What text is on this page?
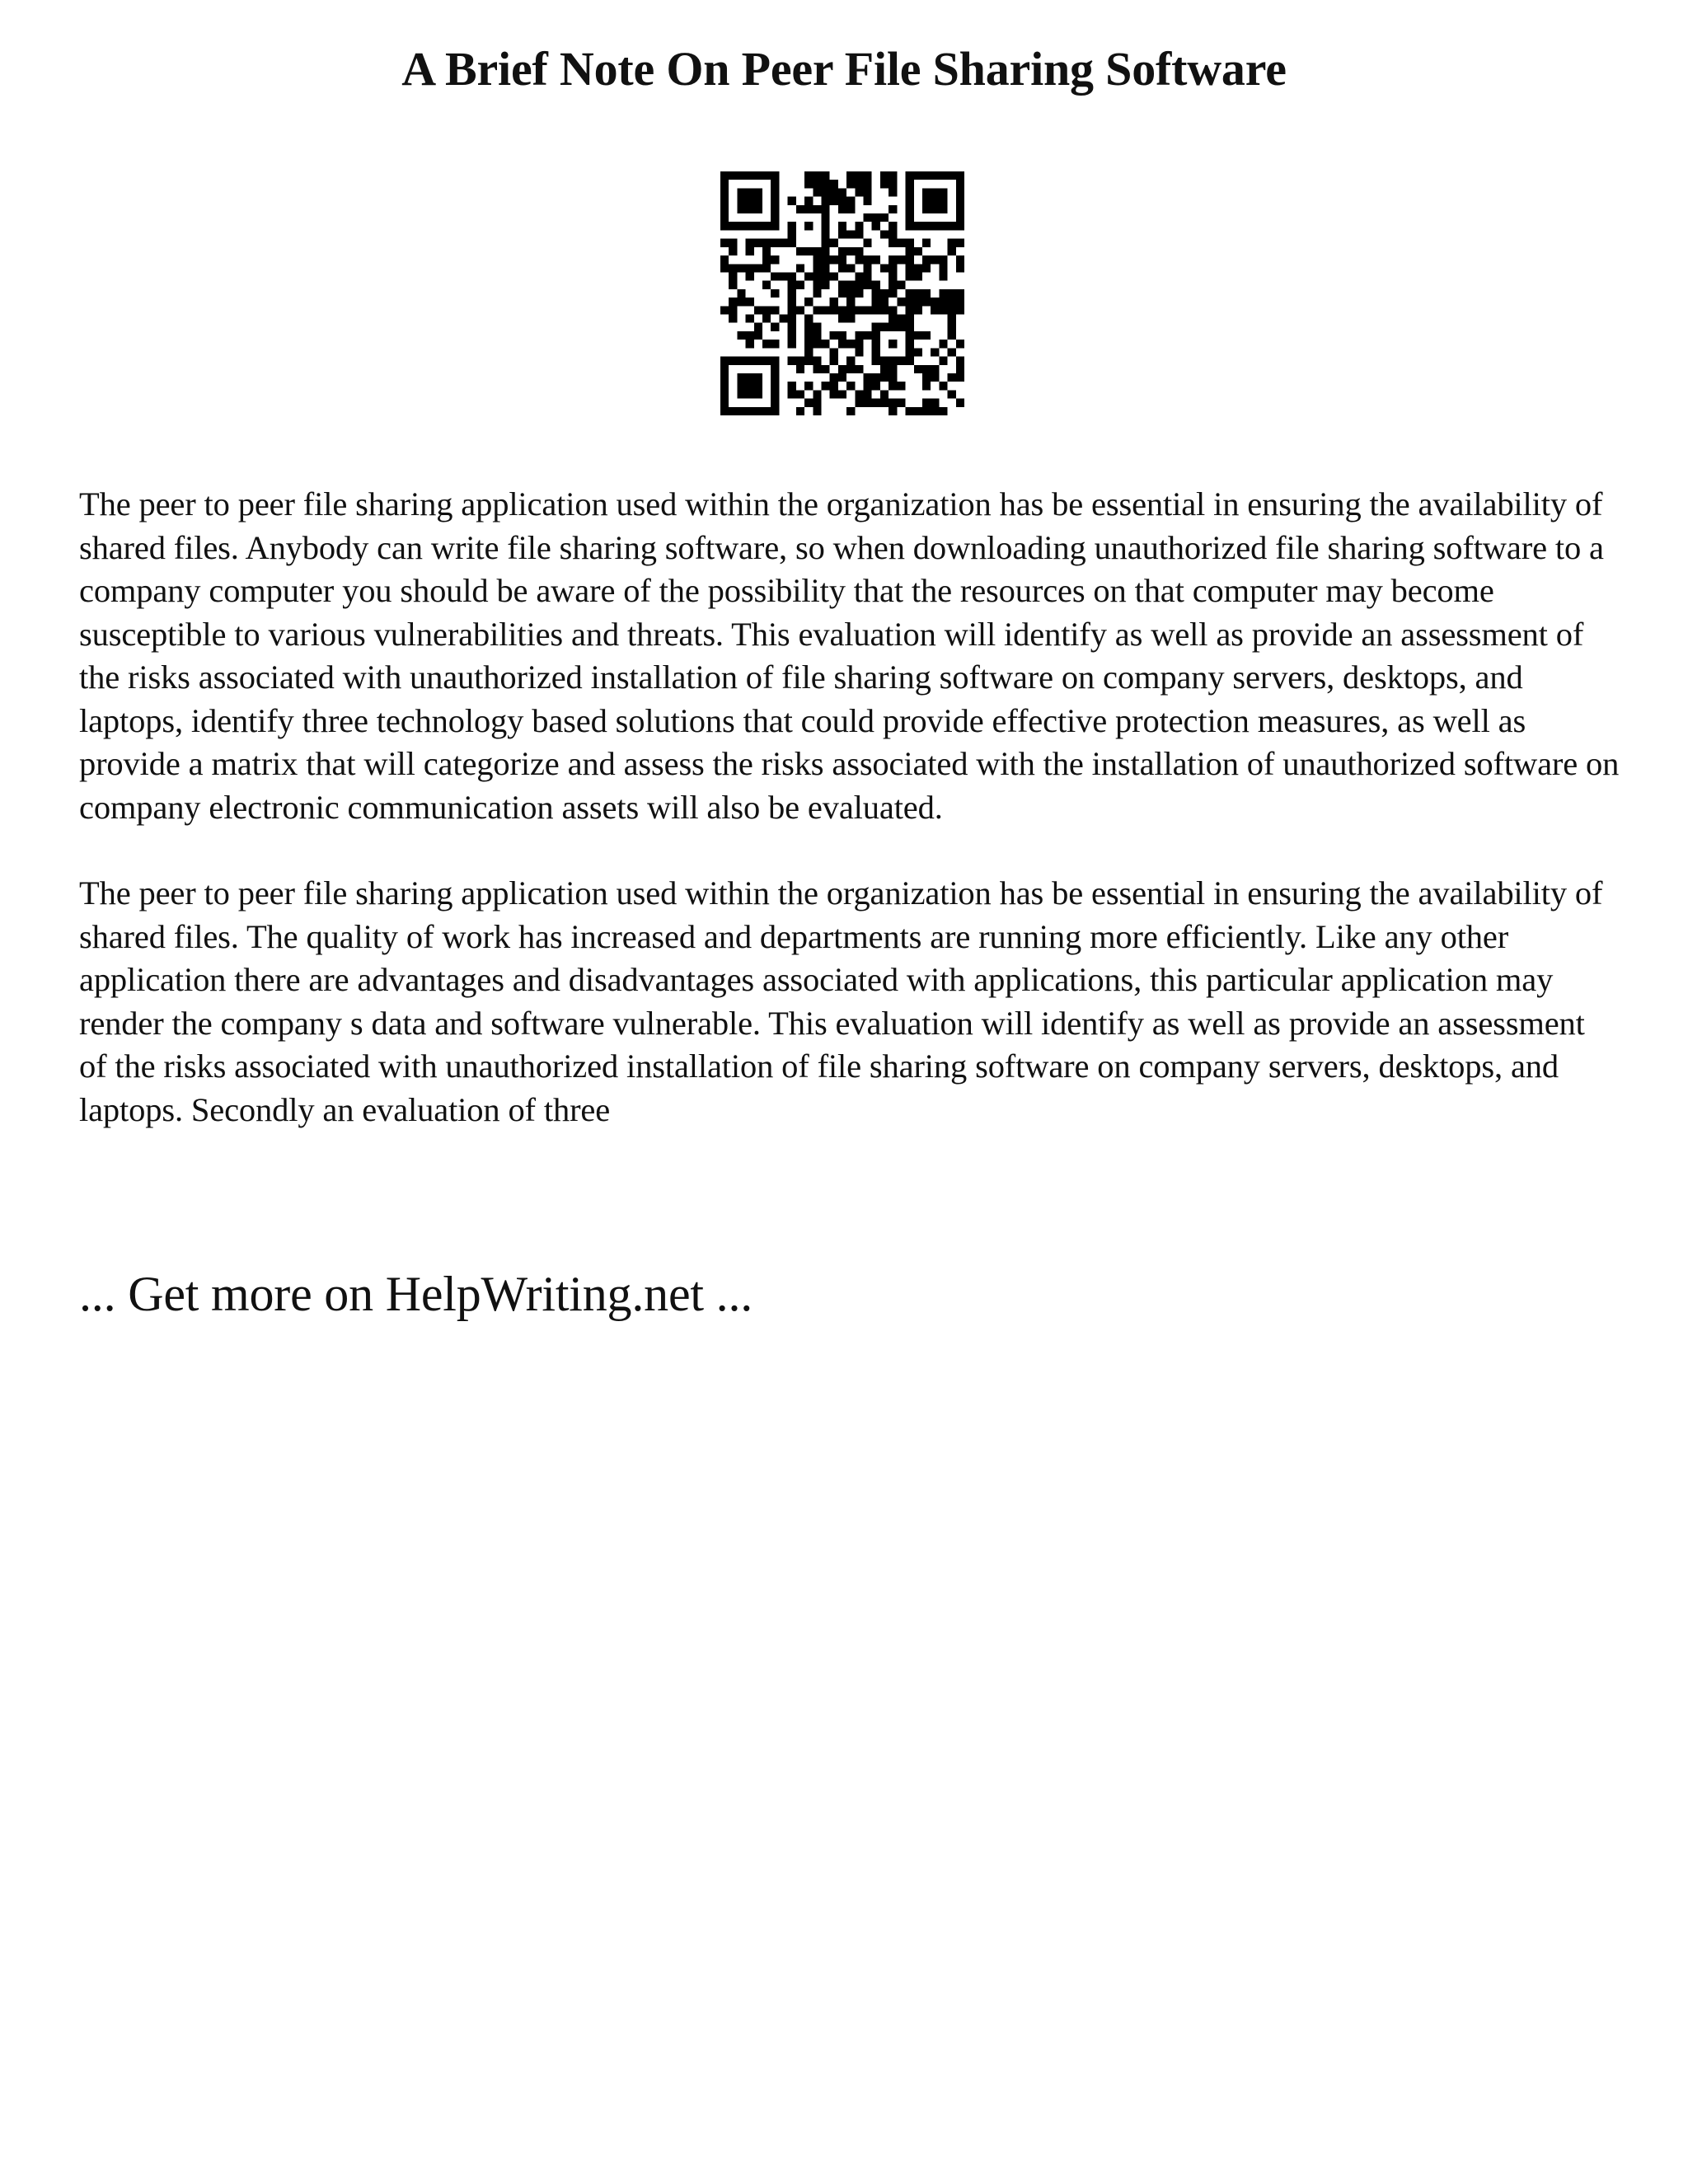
A Brief Note On Peer File Sharing Software

The peer to peer file sharing application used within the organization has be essential in ensuring the availability of shared files. Anybody can write file sharing software, so when downloading unauthorized file sharing software to a company computer you should be aware of the possibility that the resources on that computer may become susceptible to various vulnerabilities and threats. This evaluation will identify as well as provide an assessment of the risks associated with unauthorized installation of file sharing software on company servers, desktops, and laptops, identify three technology based solutions that could provide effective protection measures, as well as provide a matrix that will categorize and assess the risks associated with the installation of unauthorized software on company electronic communication assets will also be evaluated.

The peer to peer file sharing application used within the organization has be essential in ensuring the availability of shared files. The quality of work has increased and departments are running more efficiently. Like any other application there are advantages and disadvantages associated with applications, this particular application may render the company s data and software vulnerable. This evaluation will identify as well as provide an assessment of the risks associated with unauthorized installation of file sharing software on company servers, desktops, and laptops. Secondly an evaluation of three

... Get more on HelpWriting.net ...
